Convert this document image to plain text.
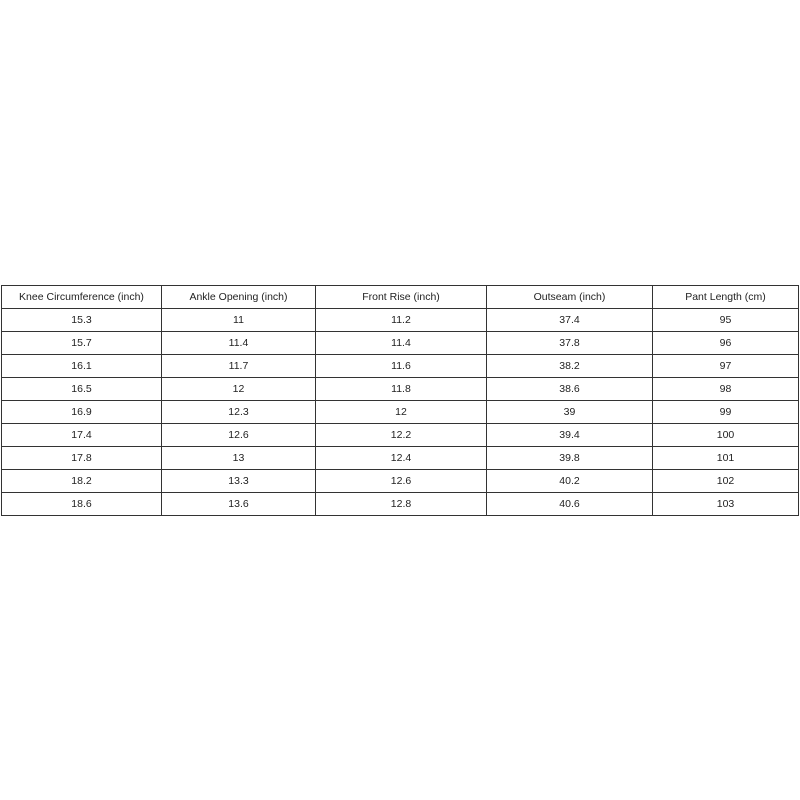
Knee Circumference (inch)	Ankle Opening (inch)	Front Rise (inch)	Outseam (inch)	Pant Length (cm)
15.3	11	11.2	37.4	95
15.7	11.4	11.4	37.8	96
16.1	11.7	11.6	38.2	97
16.5	12	11.8	38.6	98
16.9	12.3	12	39	99
17.4	12.6	12.2	39.4	100
17.8	13	12.4	39.8	101
18.2	13.3	12.6	40.2	102
18.6	13.6	12.8	40.6	103
